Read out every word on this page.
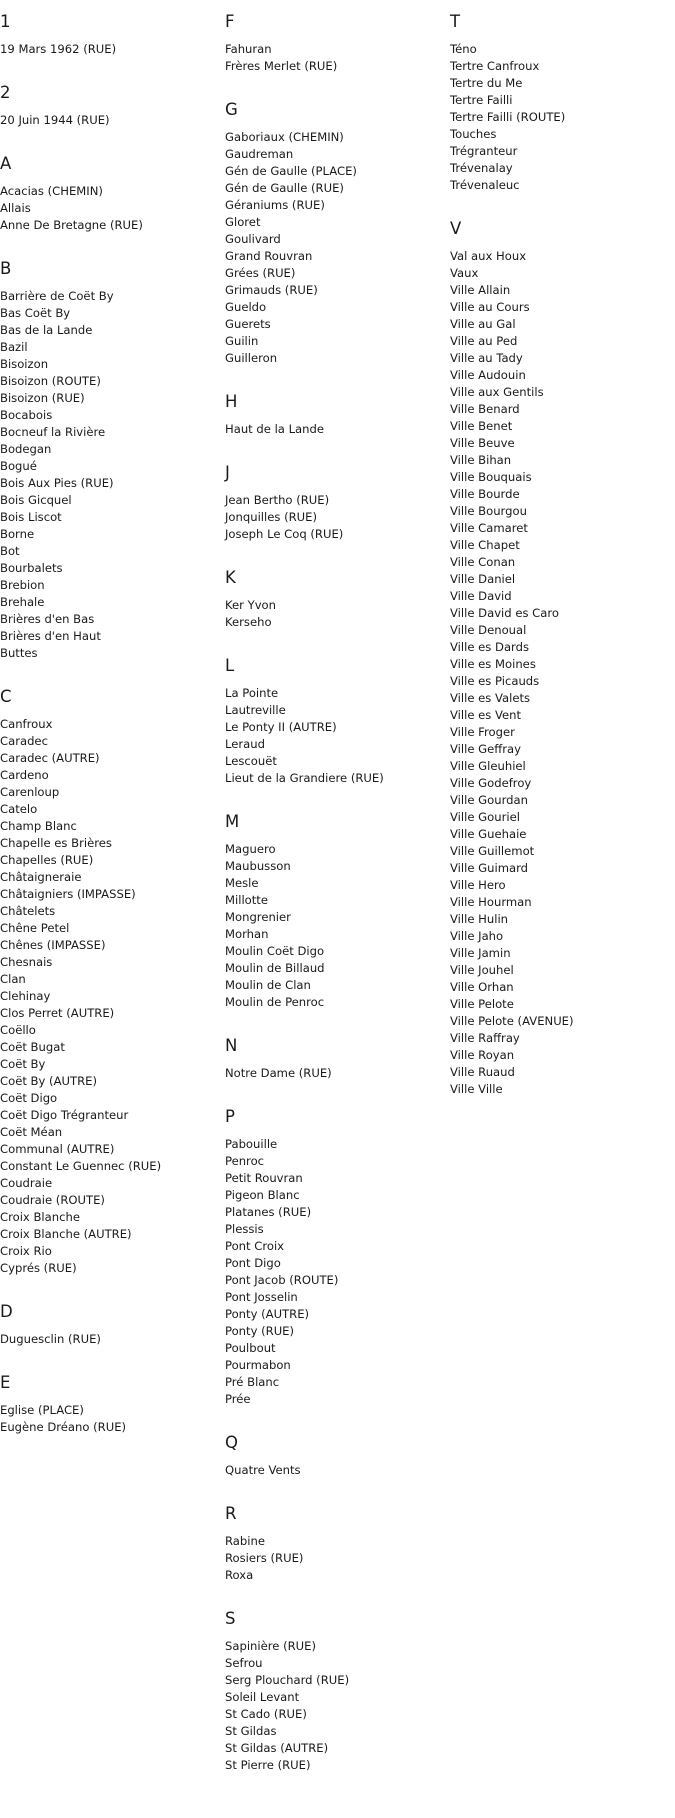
1
19 Mars 1962 (RUE)
2
20 Juin 1944 (RUE)
A
Acacias (CHEMIN)
Allais
Anne De Bretagne (RUE)
B
Barrière de Coët By
Bas Coët By
Bas de la Lande
Bazil
Bisoizon
Bisoizon (ROUTE)
Bisoizon (RUE)
Bocabois
Bocneuf la Rivière
Bodegan
Bogué
Bois Aux Pies (RUE)
Bois Gicquel
Bois Liscot
Borne
Bot
Bourbalets
Brebion
Brehale
Brières d'en Bas
Brières d'en Haut
Buttes
C
Canfroux
Caradec
Caradec (AUTRE)
Cardeno
Carenloup
Catelo
Champ Blanc
Chapelle es Brières
Chapelles (RUE)
Châtaigneraie
Châtaigniers (IMPASSE)
Châtelets
Chêne Petel
Chênes (IMPASSE)
Chesnais
Clan
Clehinay
Clos Perret (AUTRE)
Coëllo
Coët Bugat
Coët By
Coët By (AUTRE)
Coët Digo
Coët Digo Trégranteur
Coët Méan
Communal (AUTRE)
Constant Le Guennec (RUE)
Coudraie
Coudraie (ROUTE)
Croix Blanche
Croix Blanche (AUTRE)
Croix Rio
Cyprés (RUE)
D
Duguesclin (RUE)
E
Eglise (PLACE)
Eugène Dréano (RUE)
F
Fahuran
Frères Merlet (RUE)
G
Gaboriaux (CHEMIN)
Gaudreman
Gén de Gaulle (PLACE)
Gén de Gaulle (RUE)
Géraniums (RUE)
Gloret
Goulivard
Grand Rouvran
Grées (RUE)
Grimauds (RUE)
Gueldo
Guerets
Guilin
Guilleron
H
Haut de la Lande
J
Jean Bertho (RUE)
Jonquilles (RUE)
Joseph Le Coq (RUE)
K
Ker Yvon
Kerseho
L
La Pointe
Lautreville
Le Ponty II (AUTRE)
Leraud
Lescouët
Lieut de la Grandiere (RUE)
M
Maguero
Maubusson
Mesle
Millotte
Mongrenier
Morhan
Moulin Coët Digo
Moulin de Billaud
Moulin de Clan
Moulin de Penroc
N
Notre Dame (RUE)
P
Pabouille
Penroc
Petit Rouvran
Pigeon Blanc
Platanes (RUE)
Plessis
Pont Croix
Pont Digo
Pont Jacob (ROUTE)
Pont Josselin
Ponty (AUTRE)
Ponty (RUE)
Poulbout
Pourmabon
Pré Blanc
Prée
Q
Quatre Vents
R
Rabine
Rosiers (RUE)
Roxa
S
Sapinière (RUE)
Sefrou
Serg Plouchard (RUE)
Soleil Levant
St Cado (RUE)
St Gildas
St Gildas (AUTRE)
St Pierre (RUE)
T
Téno
Tertre Canfroux
Tertre du Me
Tertre Failli
Tertre Failli (ROUTE)
Touches
Trégranteur
Trévenalay
Trévenaleuc
V
Val aux Houx
Vaux
Ville Allain
Ville au Cours
Ville au Gal
Ville au Ped
Ville au Tady
Ville Audouin
Ville aux Gentils
Ville Benard
Ville Benet
Ville Beuve
Ville Bihan
Ville Bouquais
Ville Bourde
Ville Bourgou
Ville Camaret
Ville Chapet
Ville Conan
Ville Daniel
Ville David
Ville David es Caro
Ville Denoual
Ville es Dards
Ville es Moines
Ville es Picauds
Ville es Valets
Ville es Vent
Ville Froger
Ville Geffray
Ville Gleuhiel
Ville Godefroy
Ville Gourdan
Ville Gouriel
Ville Guehaie
Ville Guillemot
Ville Guimard
Ville Hero
Ville Hourman
Ville Hulin
Ville Jaho
Ville Jamin
Ville Jouhel
Ville Orhan
Ville Pelote
Ville Pelote (AVENUE)
Ville Raffray
Ville Royan
Ville Ruaud
Ville Ville
